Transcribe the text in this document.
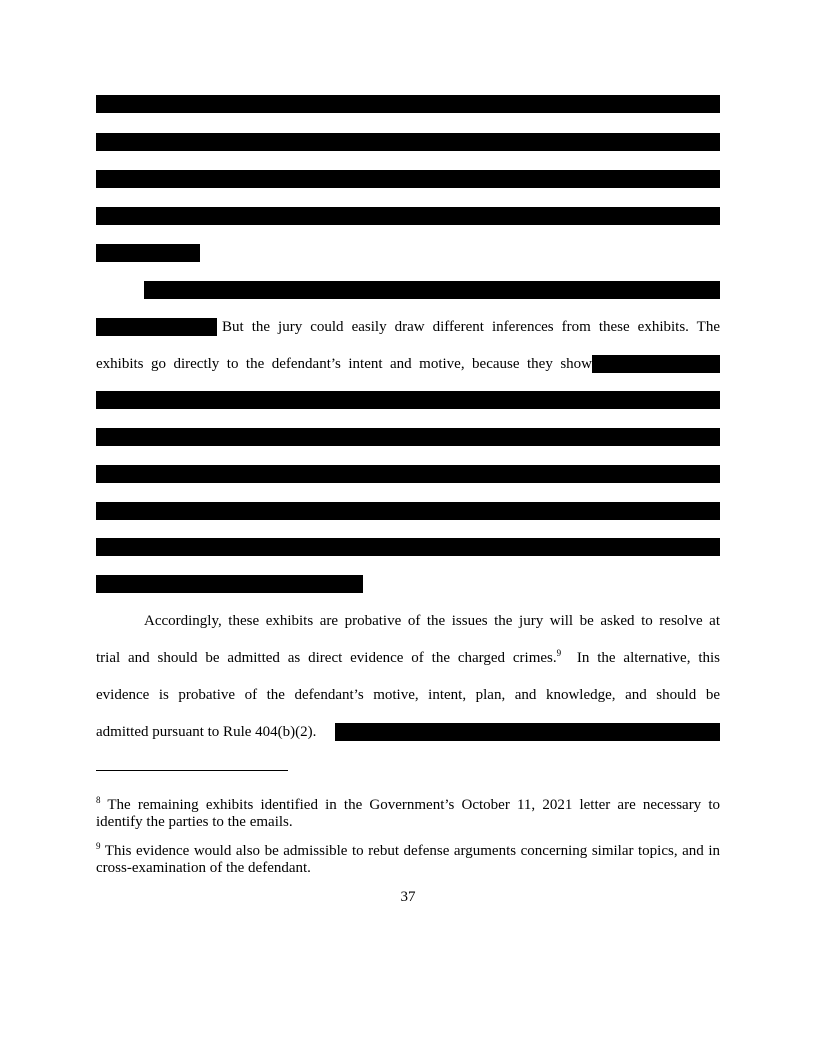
But the jury could easily draw different inferences from these exhibits. The
exhibits go directly to the defendant’s intent and motive, because they show
Accordingly, these exhibits are probative of the issues the jury will be asked to resolve at
trial and should be admitted as direct evidence of the charged crimes.$^9$ In the alternative, this
evidence is probative of the defendant’s motive, intent, plan, and knowledge, and should be
admitted pursuant to Rule 404(b)(2).
$^8$ The remaining exhibits identified in the Government’s October 11, 2021 letter are necessary to identify the parties to the emails.
$^9$ This evidence would also be admissible to rebut defense arguments concerning similar topics, and in cross-examination of the defendant.
37
